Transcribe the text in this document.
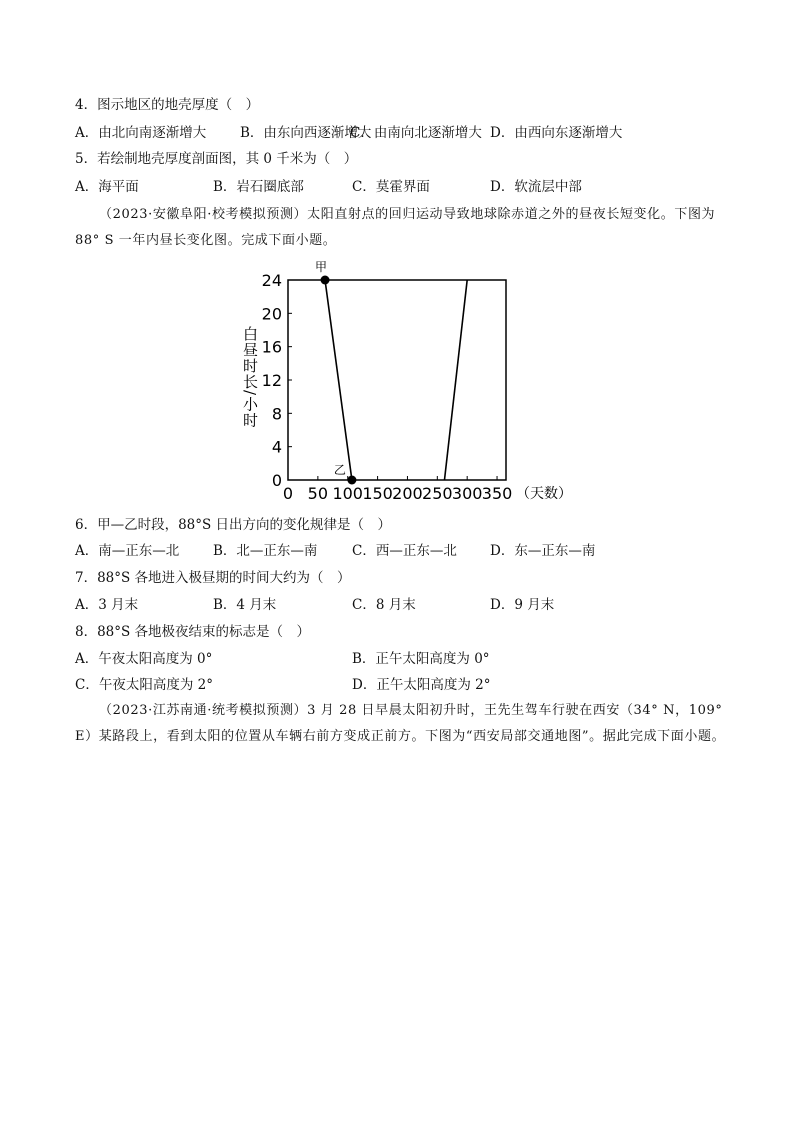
4．图示地区的地壳厚度（　）
A．由北向南逐渐增大	B．由东向西逐渐增大
C．由南向北逐渐增大 D．由西向东逐渐增大
5．若绘制地壳厚度剖面图，其 0 千米为（　）
A．海平面	B．岩石圈底部	C．莫霍界面	D．软流层中部
（2023·安徽阜阳·校考模拟预测）太阳直射点的回归运动导致地球除赤道之外的昼夜长短变化。下图为 88° S 一年内昼长变化图。完成下面小题。
0
4
8
12
16
20
24
0 50 100 150 200 250 300 350 （天数）
白昼时长/小时
甲
乙
6．甲—乙时段，88°S 日出方向的变化规律是（　）
A．南—正东—北	B．北—正东—南	C．西—正东—北 D．东—正东—南
7．88°S 各地进入极昼期的时间大约为（　）
A．3 月末	B．4 月末	C．8 月末	D．9 月末
8．88°S 各地极夜结束的标志是（　）
A．午夜太阳高度为 0°	B．正午太阳高度为 0°
C．午夜太阳高度为 2°	D．正午太阳高度为 2°
（2023·江苏南通·统考模拟预测）3 月 28 日早晨太阳初升时，王先生驾车行驶在西安（34° N，109° E）某路段上，看到太阳的位置从车辆右前方变成正前方。下图为“西安局部交通地图”。据此完成下面小题。
